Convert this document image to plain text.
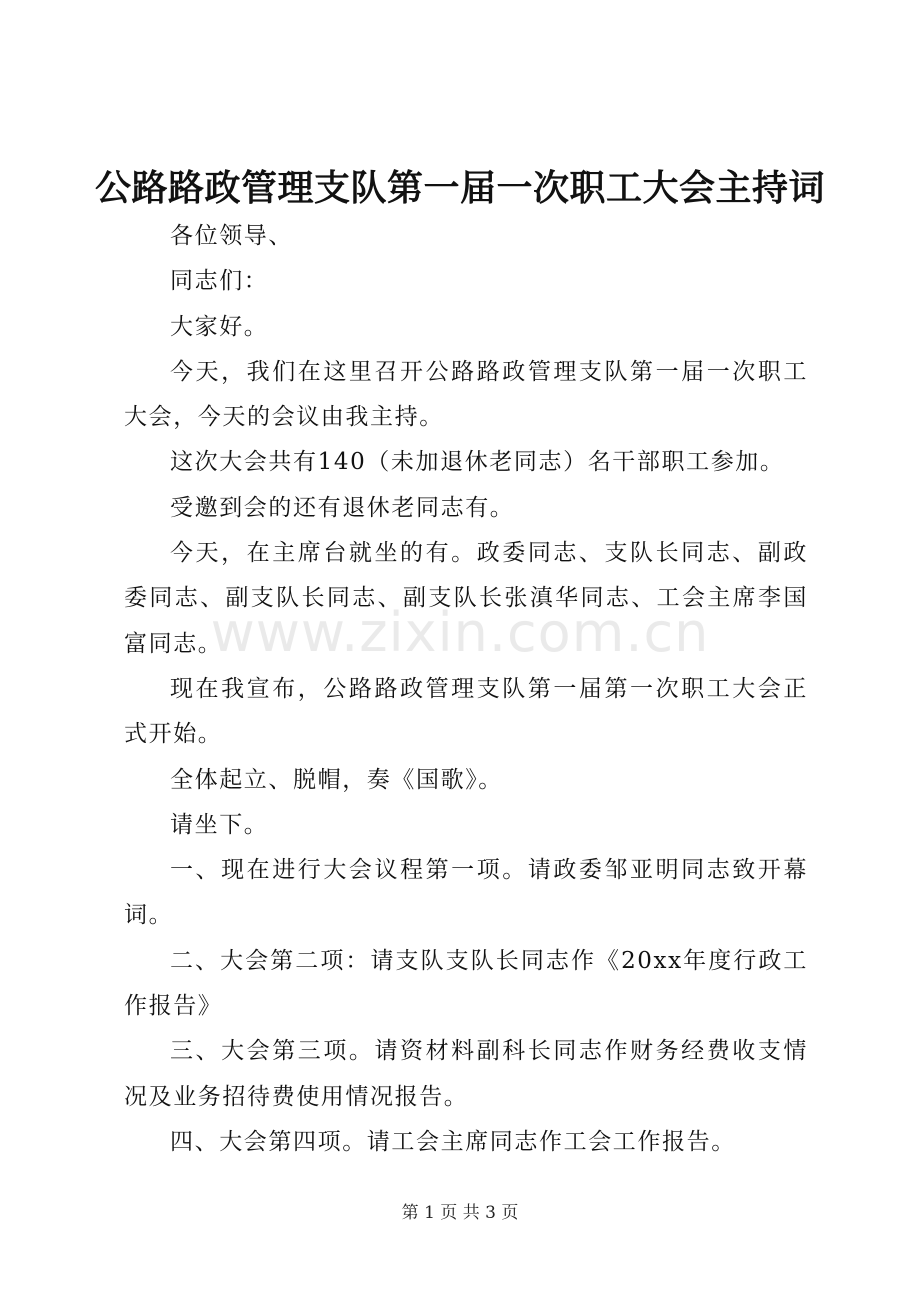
公路路政管理支队第一届一次职工大会主持词

各位领导、

同志们：

大家好。

今天，我们在这里召开公路路政管理支队第一届一次职工大会，今天的会议由我主持。

这次大会共有140（未加退休老同志）名干部职工参加。

受邀到会的还有退休老同志有。

今天，在主席台就坐的有。政委同志、支队长同志、副政委同志、副支队长同志、副支队长张滇华同志、工会主席李国富同志。

现在我宣布，公路路政管理支队第一届第一次职工大会正式开始。

全体起立、脱帽，奏《国歌》。

请坐下。

一、现在进行大会议程第一项。请政委邹亚明同志致开幕词。

二、大会第二项：请支队支队长同志作《20xx年度行政工作报告》

三、大会第三项。请资材料副科长同志作财务经费收支情况及业务招待费使用情况报告。

四、大会第四项。请工会主席同志作工会工作报告。

www.zixin.com.cn
第 1 页 共 3 页
